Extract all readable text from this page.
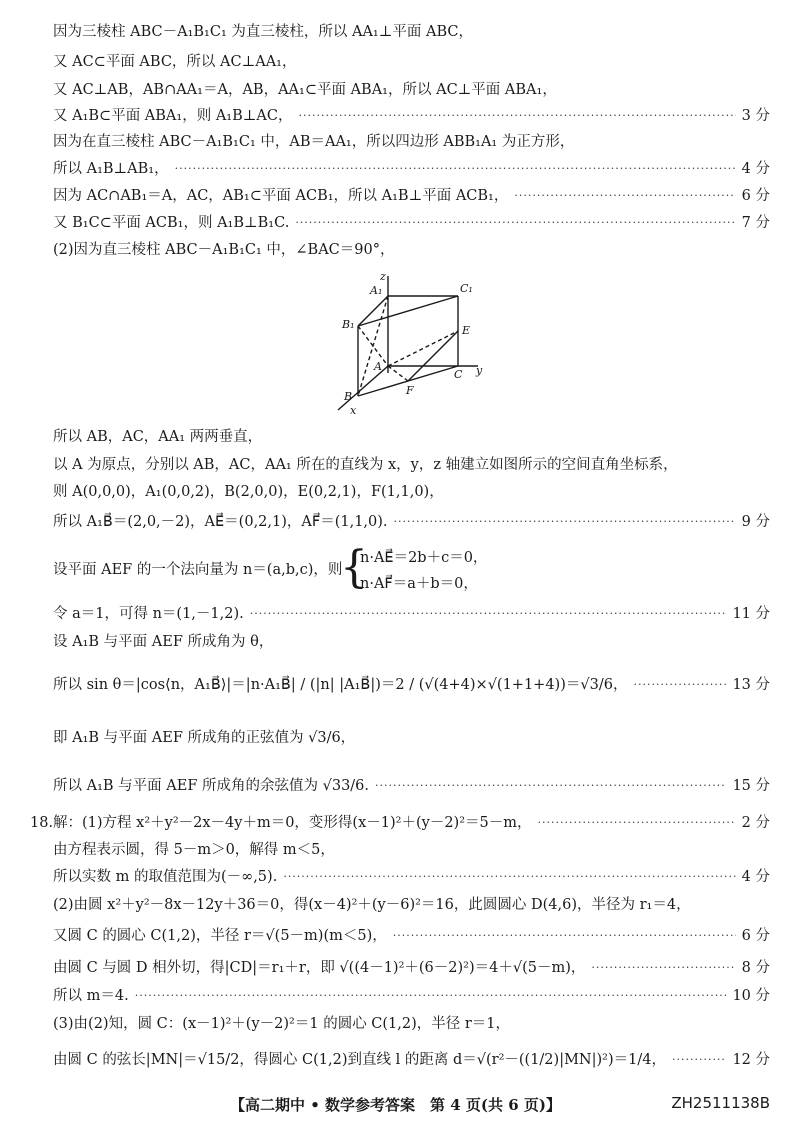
因为三棱柱 ABC－A₁B₁C₁ 为直三棱柱，所以 AA₁⊥平面 ABC，
又 AC⊂平面 ABC，所以 AC⊥AA₁，
又 AC⊥AB，AB∩AA₁＝A，AB，AA₁⊂平面 ABA₁，所以 AC⊥平面 ABA₁，
又 A₁B⊂平面 ABA₁，则 A₁B⊥AC， ·····	3 分
因为在直三棱柱 ABC－A₁B₁C₁ 中，AB＝AA₁，所以四边形 ABB₁A₁ 为正方形，
所以 A₁B⊥AB₁， ·····	4 分
因为 AC∩AB₁＝A，AC，AB₁⊂平面 ACB₁，所以 A₁B⊥平面 ACB₁， ·····	6 分
又 B₁C⊂平面 ACB₁，则 A₁B⊥B₁C. ·····	7 分
(2)因为直三棱柱 ABC－A₁B₁C₁ 中，∠BAC＝90°，
z
A₁	C₁
B₁	E
A
C y
B	F
x
所以 AB，AC，AA₁ 两两垂直，
以 A 为原点，分别以 AB，AC，AA₁ 所在的直线为 x，y，z 轴建立如图所示的空间直角坐标系，
则 A(0,0,0)，A₁(0,0,2)，B(2,0,0)，E(0,2,1)，F(1,1,0)，
所以 A₁B⃗＝(2,0,－2)，AE⃗＝(0,2,1)，AF⃗＝(1,1,0). ·····	9 分
设平面 AEF 的一个法向量为 n＝(a,b,c)，则
{
n·AE⃗＝2b＋c＝0，
n·AF⃗＝a＋b＝0，
令 a＝1，可得 n＝(1,－1,2). ·····	11 分
设 A₁B 与平面 AEF 所成角为 θ，
所以 sin θ＝|cos⟨n，A₁B⃗⟩|＝|n·A₁B⃗| / (|n| |A₁B⃗|)＝2 / (√(4+4)×√(1+1+4))＝√3/6， ·····	13 分
即 A₁B 与平面 AEF 所成角的正弦值为 √3/6，
所以 A₁B 与平面 AEF 所成角的余弦值为 √33/6. ·····	15 分
18. 解：(1)方程 x²＋y²－2x－4y＋m＝0，变形得(x－1)²＋(y－2)²＝5－m， ·····	2 分
由方程表示圆，得 5－m＞0，解得 m＜5，
所以实数 m 的取值范围为(－∞,5). ·····	4 分
(2)由圆 x²＋y²－8x－12y＋36＝0，得(x－4)²＋(y－6)²＝16，此圆圆心 D(4,6)，半径为 r₁＝4，
又圆 C 的圆心 C(1,2)，半径 r＝√(5－m)(m＜5)， ·····	6 分
由圆 C 与圆 D 相外切，得|CD|＝r₁＋r，即 √((4－1)²＋(6－2)²)＝4＋√(5－m)， ·····	8 分
所以 m＝4. ·····	10 分
(3)由(2)知，圆 C：(x－1)²＋(y－2)²＝1 的圆心 C(1,2)，半径 r＝1，
由圆 C 的弦长|MN|＝√15/2，得圆心 C(1,2)到直线 l 的距离 d＝√(r²－((1/2)|MN|)²)＝1/4， ·····	12 分
【高二期中 • 数学参考答案　第 4 页(共 6 页)】	ZH2511138B
